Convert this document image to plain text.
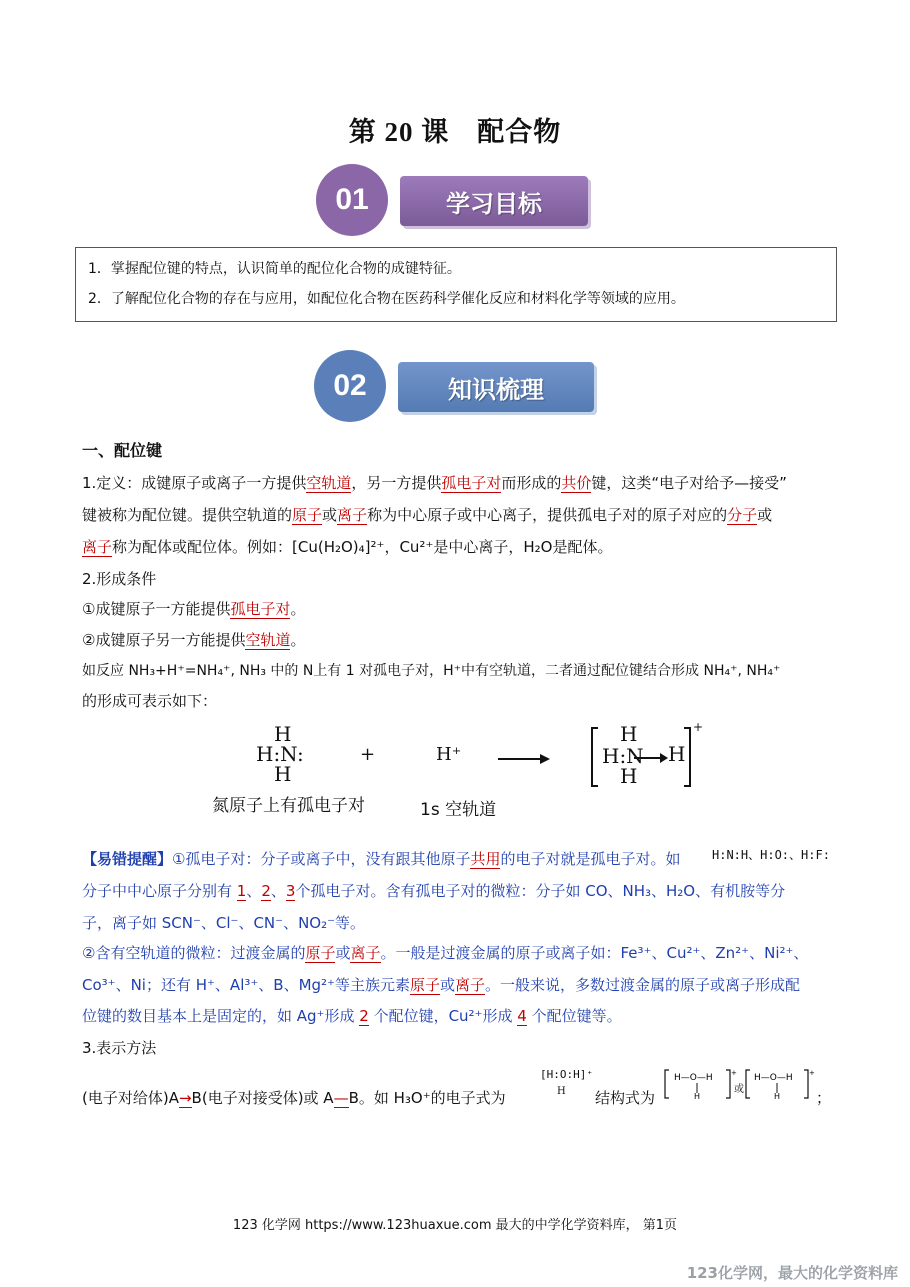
第 20 课　配合物
学习目标
01

1．掌握配位键的特点，认识简单的配位化合物的成键特征。

2．了解配位化合物的存在与应用，如配位化合物在医药科学催化反应和材料化学等领域的应用。

知识梳理
02
一、配位键
1.定义：成键原子或离子一方提供空轨道，另一方提供孤电子对而形成的共价键，这类“电子对给予—接受”
键被称为配位键。提供空轨道的原子或离子称为中心原子或中心离子，提供孤电子对的原子对应的分子或
离子称为配体或配位体。例如：[Cu(H₂O)₄]²⁺，Cu²⁺是中心离子，H₂O是配体。
2.形成条件
①成键原子一方能提供孤电子对。
②成键原子另一方能提供空轨道。
如反应 NH₃+H⁺=NH₄⁺, NH₃ 中的 N上有 1 对孤电子对，H⁺中有空轨道，二者通过配位键结合形成 NH₄⁺, NH₄⁺
的形成可表示如下：
H
H:N:
H
+	H⁺
H
H:N
H
H
+
氮原子上有孤电子对	1s 空轨道
【易错提醒】①孤电子对：分子或离子中，没有跟其他原子共用的电子对就是孤电子对。如	H:N:H、H:O:、H:F:
分子中中心原子分别有 1、2、3个孤电子对。含有孤电子对的微粒：分子如 CO、NH₃、H₂O、有机胺等分
子，离子如 SCN⁻、Cl⁻、CN⁻、NO₂⁻等。
②含有空轨道的微粒：过渡金属的原子或离子。一般是过渡金属的原子或离子如：Fe³⁺、Cu²⁺、Zn²⁺、Ni²⁺、
Co³⁺、Ni；还有 H⁺、Al³⁺、B、Mg²⁺等主族元素原子或离子。一般来说，多数过渡金属的原子或离子形成配
位键的数目基本上是固定的，如 Ag⁺形成 2 个配位键，Cu²⁺形成 4 个配位键等。
3.表示方法
(电子对给体)A→B(电子对接受体)或 A—B。如 H₃O⁺的电子式为
[H:O:H]⁺
H 结构式为
H—O—H
H
+ H—O—H
H
+
或	；
123 化学网 https://www.123huaxue.com 最大的中学化学资料库， 第1页
123化学网，最大的化学资料库
